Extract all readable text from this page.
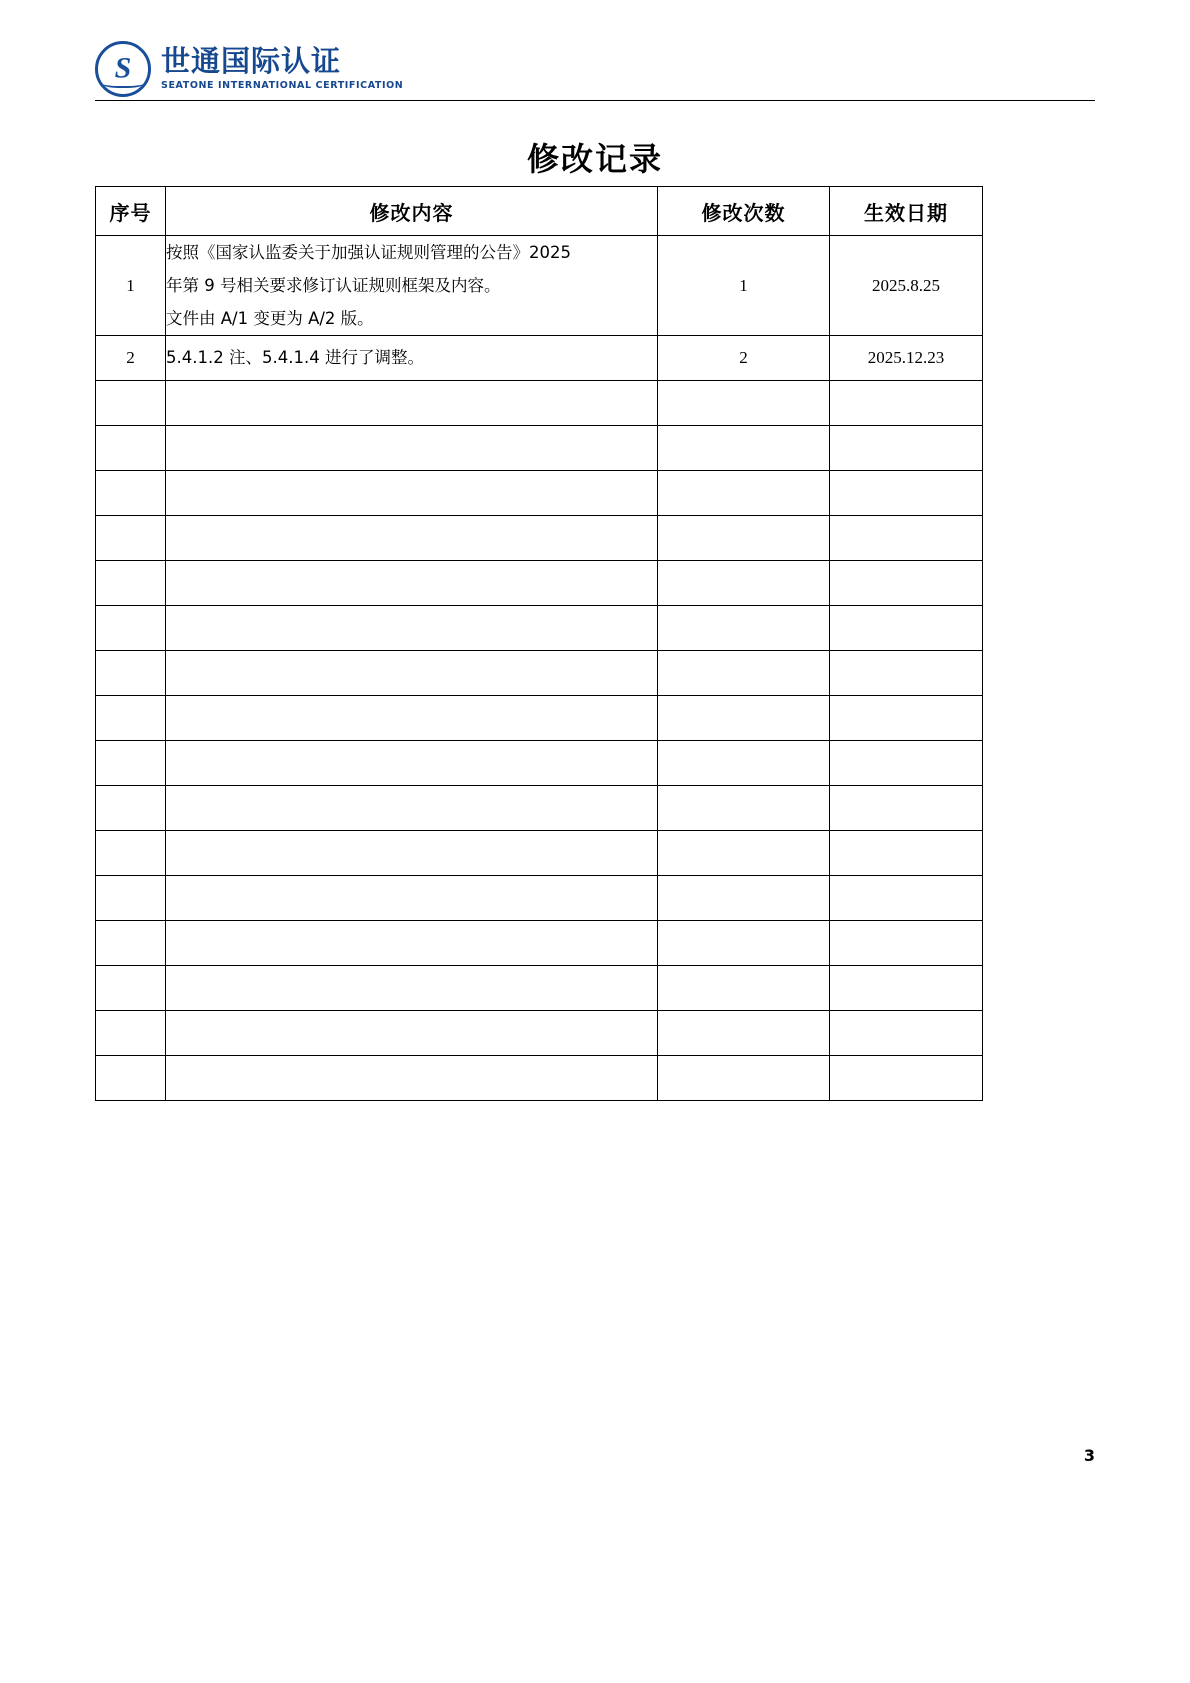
S
世通国际认证
SEATONE INTERNATIONAL CERTIFICATION
修改记录
序号	修改内容	修改次数	生效日期
1	按照《国家认监委关于加强认证规则管理的公告》2025
年第 9 号相关要求修订认证规则框架及内容。
文件由 A/1 变更为 A/2 版。	1	2025.8.25
2	5.4.1.2 注、5.4.1.4 进行了调整。	2	2025.12.23

3
